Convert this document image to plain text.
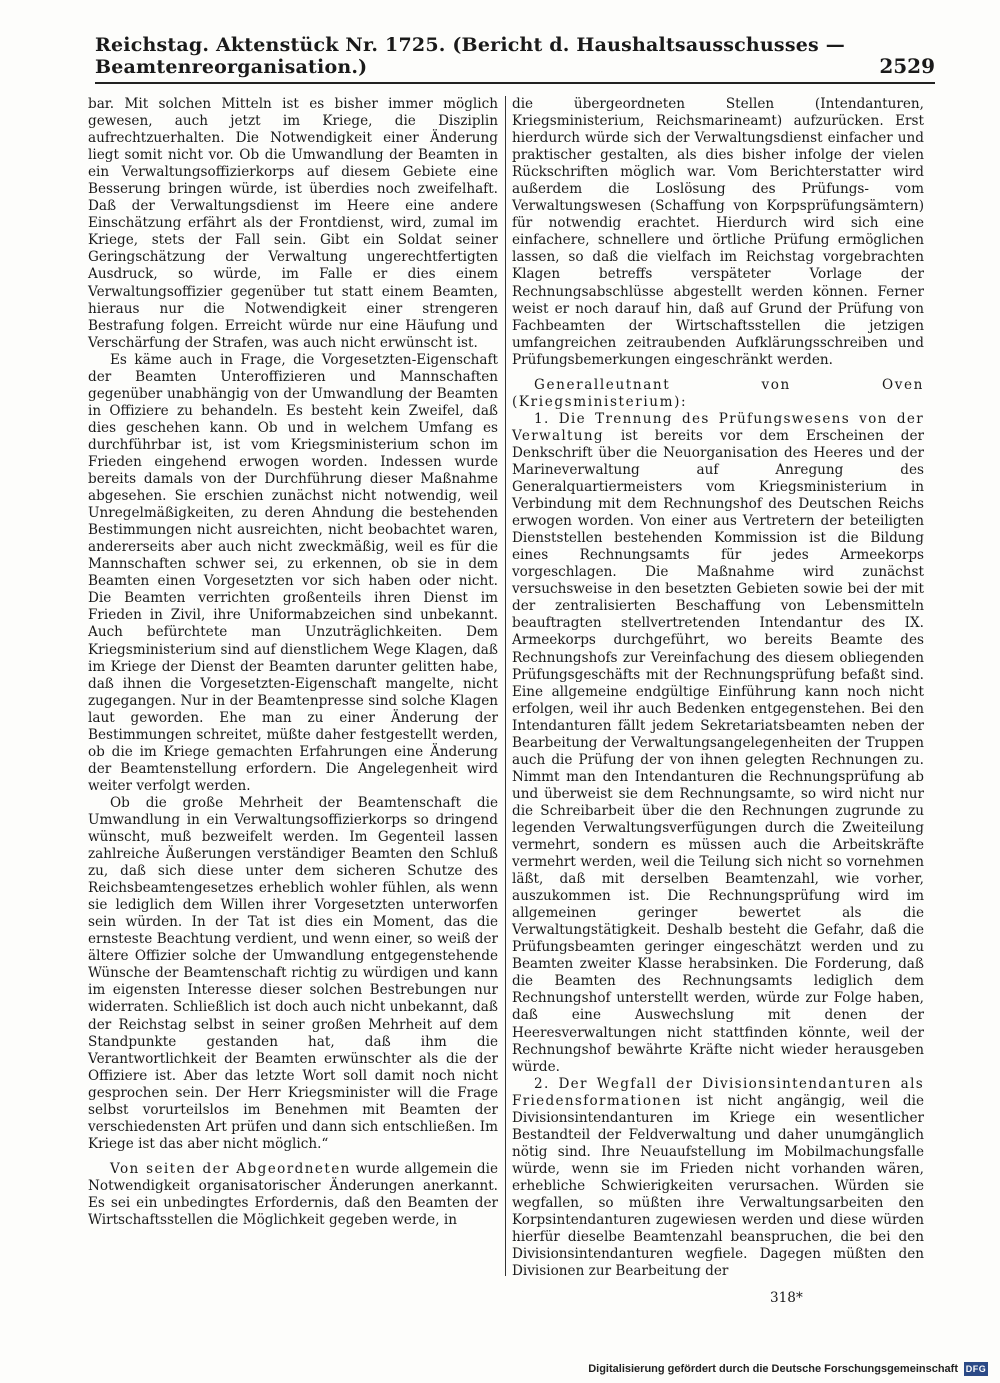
Reichstag. Aktenstück Nr. 1725. (Bericht d. Haushaltsausschusses — Beamtenreorganisation.)	2529

bar. Mit solchen Mitteln ist es bisher immer möglich gewesen, auch jetzt im Kriege, die Disziplin aufrechtzuerhalten. Die Notwendigkeit einer Änderung liegt somit nicht vor. Ob die Umwandlung der Beamten in ein Verwaltungsoffizierkorps auf diesem Gebiete eine Besserung bringen würde, ist überdies noch zweifelhaft. Daß der Verwaltungsdienst im Heere eine andere Einschätzung erfährt als der Frontdienst, wird, zumal im Kriege, stets der Fall sein. Gibt ein Soldat seiner Geringschätzung der Verwaltung ungerechtfertigten Ausdruck, so würde, im Falle er dies einem Verwaltungsoffizier gegenüber tut statt einem Beamten, hieraus nur die Notwendigkeit einer strengeren Bestrafung folgen. Erreicht würde nur eine Häufung und Verschärfung der Strafen, was auch nicht erwünscht ist.

Es käme auch in Frage, die Vorgesetzten-Eigenschaft der Beamten Unteroffizieren und Mannschaften gegenüber unabhängig von der Umwandlung der Beamten in Offiziere zu behandeln. Es besteht kein Zweifel, daß dies geschehen kann. Ob und in welchem Umfang es durchführbar ist, ist vom Kriegsministerium schon im Frieden eingehend erwogen worden. Indessen wurde bereits damals von der Durchführung dieser Maßnahme abgesehen. Sie erschien zunächst nicht notwendig, weil Unregelmäßigkeiten, zu deren Ahndung die bestehenden Bestimmungen nicht ausreichten, nicht beobachtet waren, andererseits aber auch nicht zweckmäßig, weil es für die Mannschaften schwer sei, zu erkennen, ob sie in dem Beamten einen Vorgesetzten vor sich haben oder nicht. Die Beamten verrichten großenteils ihren Dienst im Frieden in Zivil, ihre Uniformabzeichen sind unbekannt. Auch befürchtete man Unzuträglichkeiten. Dem Kriegsministerium sind auf dienstlichem Wege Klagen, daß im Kriege der Dienst der Beamten darunter gelitten habe, daß ihnen die Vorgesetzten-Eigenschaft mangelte, nicht zugegangen. Nur in der Beamtenpresse sind solche Klagen laut geworden. Ehe man zu einer Änderung der Bestimmungen schreitet, müßte daher festgestellt werden, ob die im Kriege gemachten Erfahrungen eine Änderung der Beamtenstellung erfordern. Die Angelegenheit wird weiter verfolgt werden.

Ob die große Mehrheit der Beamtenschaft die Umwandlung in ein Verwaltungsoffizierkorps so dringend wünscht, muß bezweifelt werden. Im Gegenteil lassen zahlreiche Äußerungen verständiger Beamten den Schluß zu, daß sich diese unter dem sicheren Schutze des Reichsbeamtengesetzes erheblich wohler fühlen, als wenn sie lediglich dem Willen ihrer Vorgesetzten unterworfen sein würden. In der Tat ist dies ein Moment, das die ernsteste Beachtung verdient, und wenn einer, so weiß der ältere Offizier solche der Umwandlung entgegenstehende Wünsche der Beamtenschaft richtig zu würdigen und kann im eigensten Interesse dieser solchen Bestrebungen nur widerraten. Schließlich ist doch auch nicht unbekannt, daß der Reichstag selbst in seiner großen Mehrheit auf dem Standpunkte gestanden hat, daß ihm die Verantwortlichkeit der Beamten erwünschter als die der Offiziere ist. Aber das letzte Wort soll damit noch nicht gesprochen sein. Der Herr Kriegsminister will die Frage selbst vorurteilslos im Benehmen mit Beamten der verschiedensten Art prüfen und dann sich entschließen. Im Kriege ist das aber nicht möglich.“

Von seiten der Abgeordneten wurde allgemein die Notwendigkeit organisatorischer Änderungen anerkannt. Es sei ein unbedingtes Erfordernis, daß den Beamten der Wirtschaftsstellen die Möglichkeit gegeben werde, in

die übergeordneten Stellen (Intendanturen, Kriegsministerium, Reichsmarineamt) aufzurücken. Erst hierdurch würde sich der Verwaltungsdienst einfacher und praktischer gestalten, als dies bisher infolge der vielen Rückschriften möglich war. Vom Berichterstatter wird außerdem die Loslösung des Prüfungs- vom Verwaltungswesen (Schaffung von Korpsprüfungsämtern) für notwendig erachtet. Hierdurch wird sich eine einfachere, schnellere und örtliche Prüfung ermöglichen lassen, so daß die vielfach im Reichstag vorgebrachten Klagen betreffs verspäteter Vorlage der Rechnungsabschlüsse abgestellt werden können. Ferner weist er noch darauf hin, daß auf Grund der Prüfung von Fachbeamten der Wirtschaftsstellen die jetzigen umfangreichen zeitraubenden Aufklärungsschreiben und Prüfungsbemerkungen eingeschränkt werden.

Generalleutnant von Oven (Kriegsministerium):

1. Die Trennung des Prüfungswesens von der Verwaltung ist bereits vor dem Erscheinen der Denkschrift über die Neuorganisation des Heeres und der Marineverwaltung auf Anregung des Generalquartiermeisters vom Kriegsministerium in Verbindung mit dem Rechnungshof des Deutschen Reichs erwogen worden. Von einer aus Vertretern der beteiligten Dienststellen bestehenden Kommission ist die Bildung eines Rechnungsamts für jedes Armeekorps vorgeschlagen. Die Maßnahme wird zunächst versuchsweise in den besetzten Gebieten sowie bei der mit der zentralisierten Beschaffung von Lebensmitteln beauftragten stellvertretenden Intendantur des IX. Armeekorps durchgeführt, wo bereits Beamte des Rechnungshofs zur Vereinfachung des diesem obliegenden Prüfungsgeschäfts mit der Rechnungsprüfung befaßt sind. Eine allgemeine endgültige Einführung kann noch nicht erfolgen, weil ihr auch Bedenken entgegenstehen. Bei den Intendanturen fällt jedem Sekretariatsbeamten neben der Bearbeitung der Verwaltungsangelegenheiten der Truppen auch die Prüfung der von ihnen gelegten Rechnungen zu. Nimmt man den Intendanturen die Rechnungsprüfung ab und überweist sie dem Rechnungsamte, so wird nicht nur die Schreibarbeit über die den Rechnungen zugrunde zu legenden Verwaltungsverfügungen durch die Zweiteilung vermehrt, sondern es müssen auch die Arbeitskräfte vermehrt werden, weil die Teilung sich nicht so vornehmen läßt, daß mit derselben Beamtenzahl, wie vorher, auszukommen ist. Die Rechnungsprüfung wird im allgemeinen geringer bewertet als die Verwaltungstätigkeit. Deshalb besteht die Gefahr, daß die Prüfungsbeamten geringer eingeschätzt werden und zu Beamten zweiter Klasse herabsinken. Die Forderung, daß die Beamten des Rechnungsamts lediglich dem Rechnungshof unterstellt werden, würde zur Folge haben, daß eine Auswechslung mit denen der Heeresverwaltungen nicht stattfinden könnte, weil der Rechnungshof bewährte Kräfte nicht wieder herausgeben würde.

2. Der Wegfall der Divisionsintendanturen als Friedensformationen ist nicht angängig, weil die Divisionsintendanturen im Kriege ein wesentlicher Bestandteil der Feldverwaltung und daher unumgänglich nötig sind. Ihre Neuaufstellung im Mobilmachungsfalle würde, wenn sie im Frieden nicht vorhanden wären, erhebliche Schwierigkeiten verursachen. Würden sie wegfallen, so müßten ihre Verwaltungsarbeiten den Korpsintendanturen zugewiesen werden und diese würden hierfür dieselbe Beamtenzahl beanspruchen, die bei den Divisionsintendanturen wegfiele. Dagegen müßten den Divisionen zur Bearbeitung der

318*
Digitalisierung gefördert durch die Deutsche Forschungsgemeinschaft DFG
